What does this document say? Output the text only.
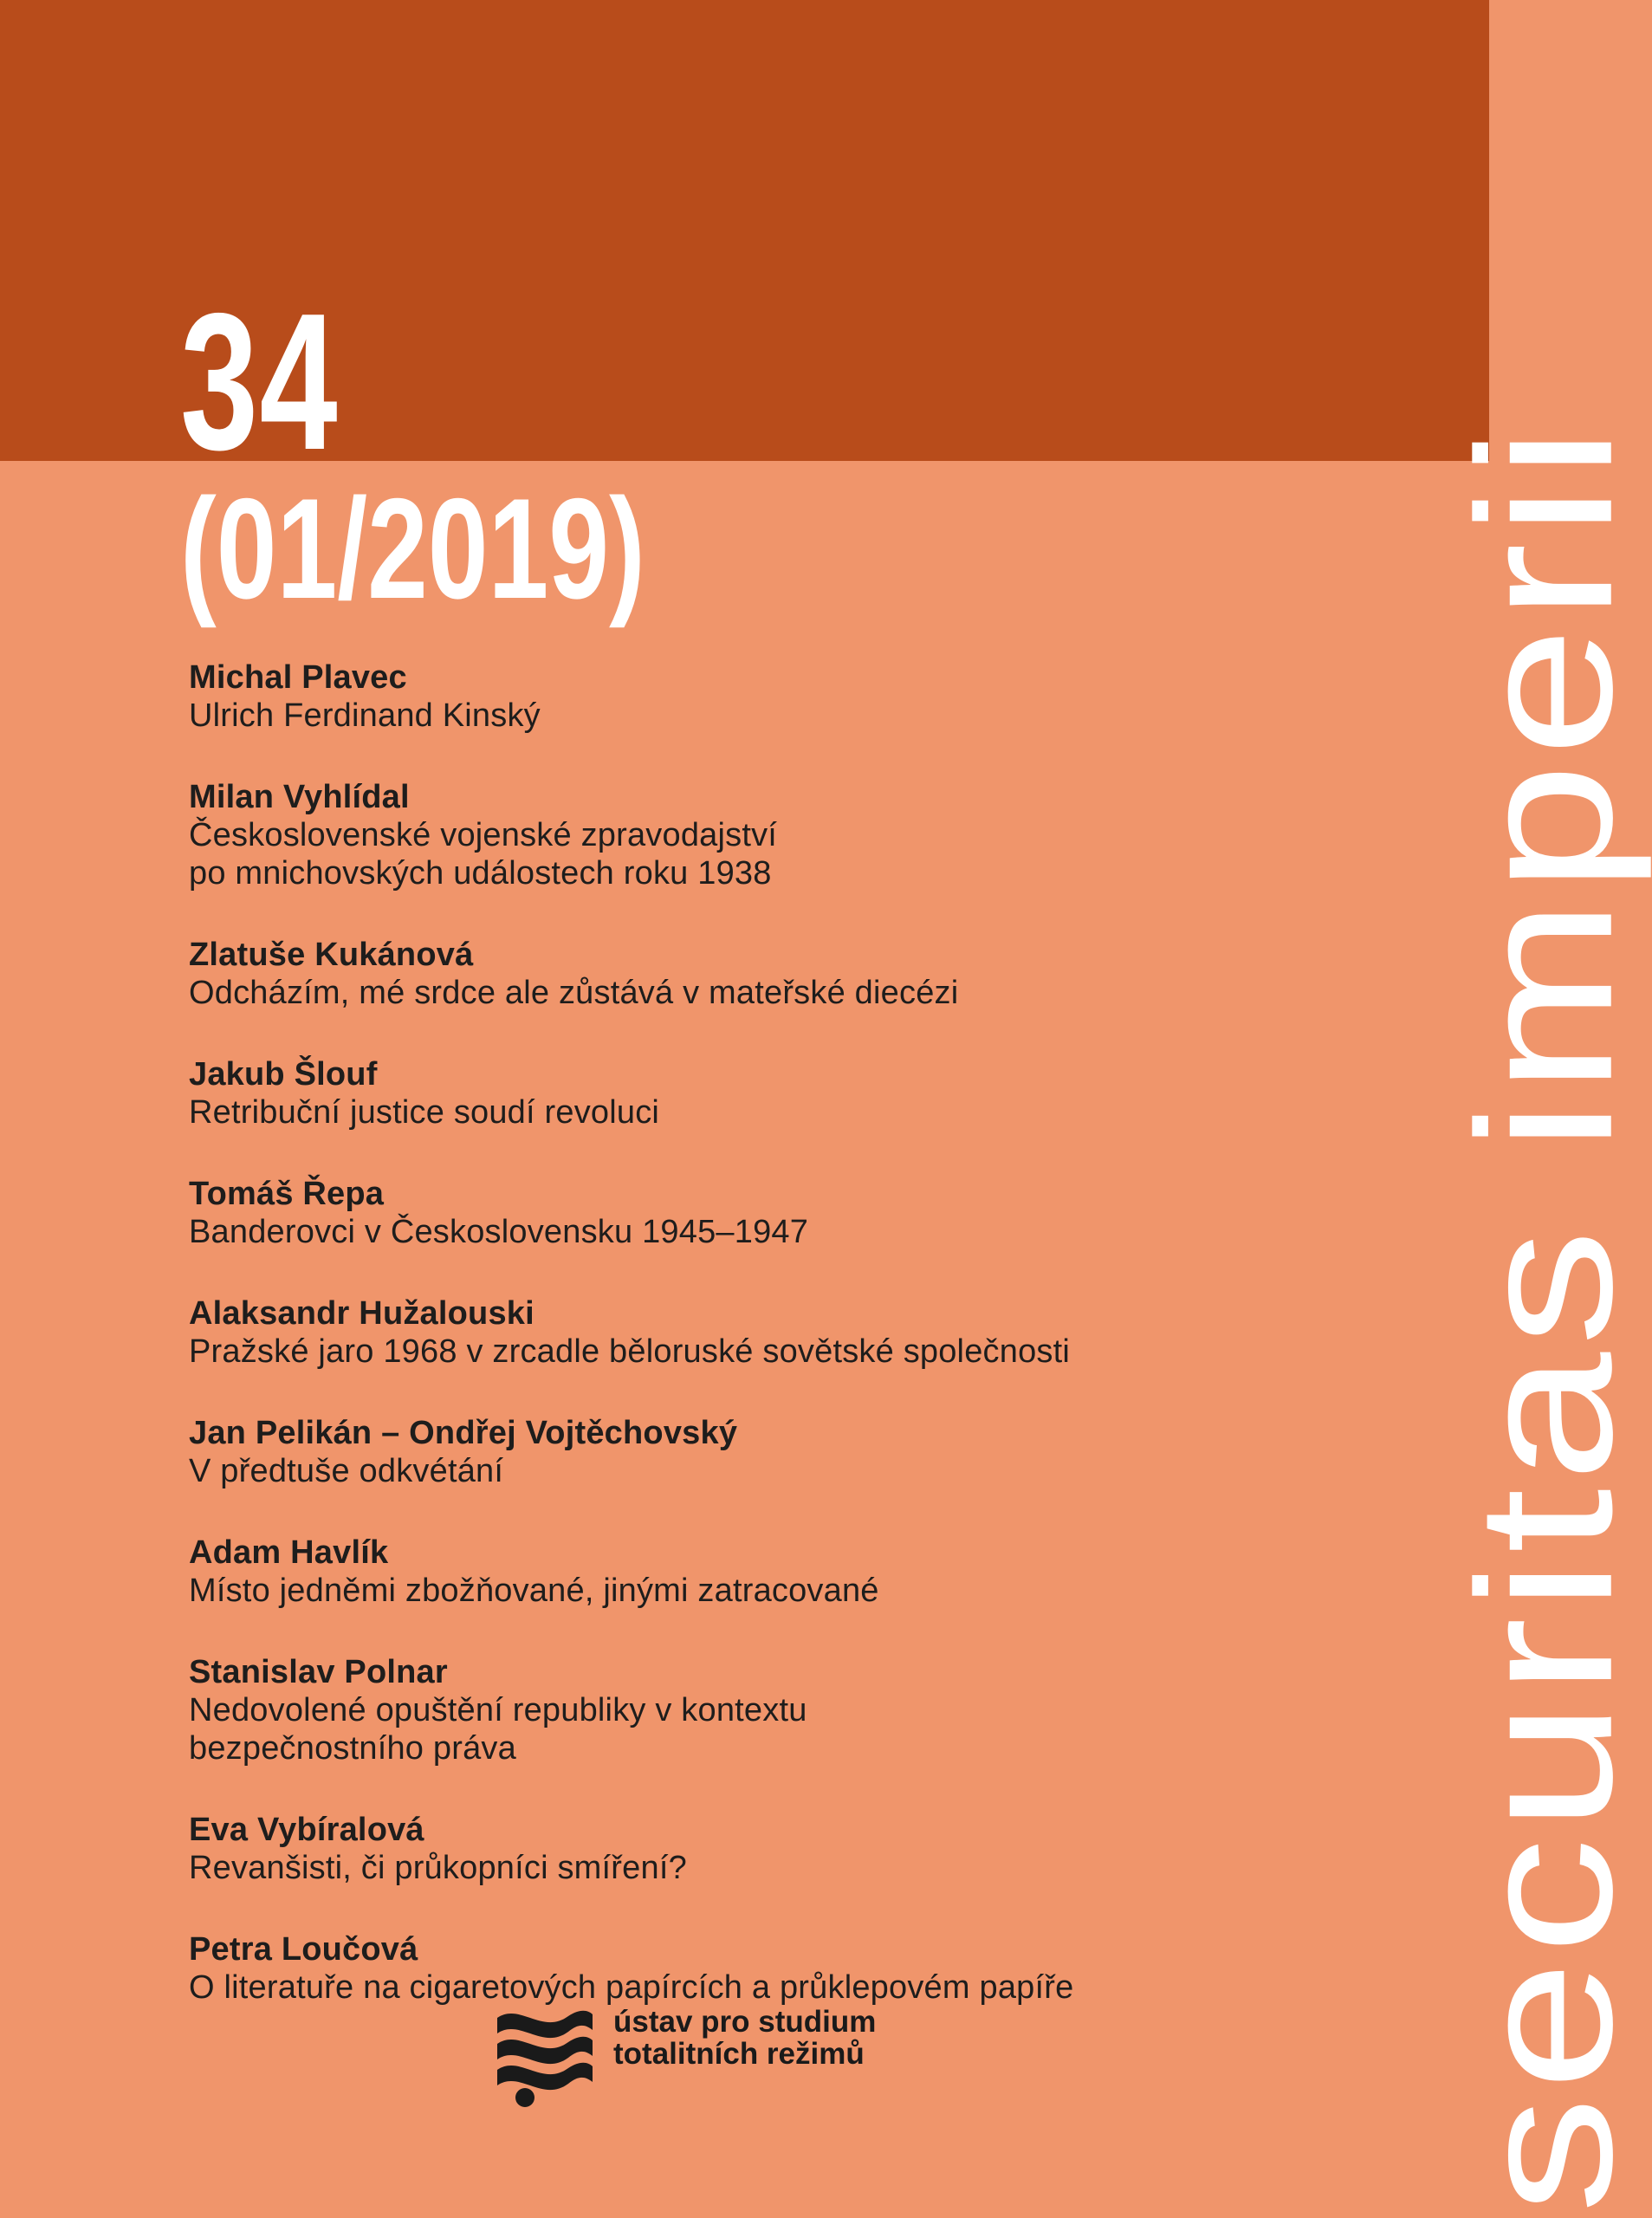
34
(01/2019)
Michal Plavec
Ulrich Ferdinand Kinský
Milan Vyhlídal
Československé vojenské zpravodajství
po mnichovských událostech roku 1938
Zlatuše Kukánová
Odcházím, mé srdce ale zůstává v mateřské diecézi
Jakub Šlouf
Retribuční justice soudí revoluci
Tomáš Řepa
Banderovci v Československu 1945–1947
Alaksandr Hužalouski
Pražské jaro 1968 v zrcadle běloruské sovětské společnosti
Jan Pelikán – Ondřej Vojtěchovský
V předtuše odkvétání
Adam Havlík
Místo jedněmi zbožňované, jinými zatracované
Stanislav Polnar
Nedovolené opuštění republiky v kontextu
bezpečnostního práva
Eva Vybíralová
Revanšisti, či průkopníci smíření?
Petra Loučová
O literatuře na cigaretových papírcích a průklepovém papíře
ústav pro studium
totalitních režimů securitas imperii
